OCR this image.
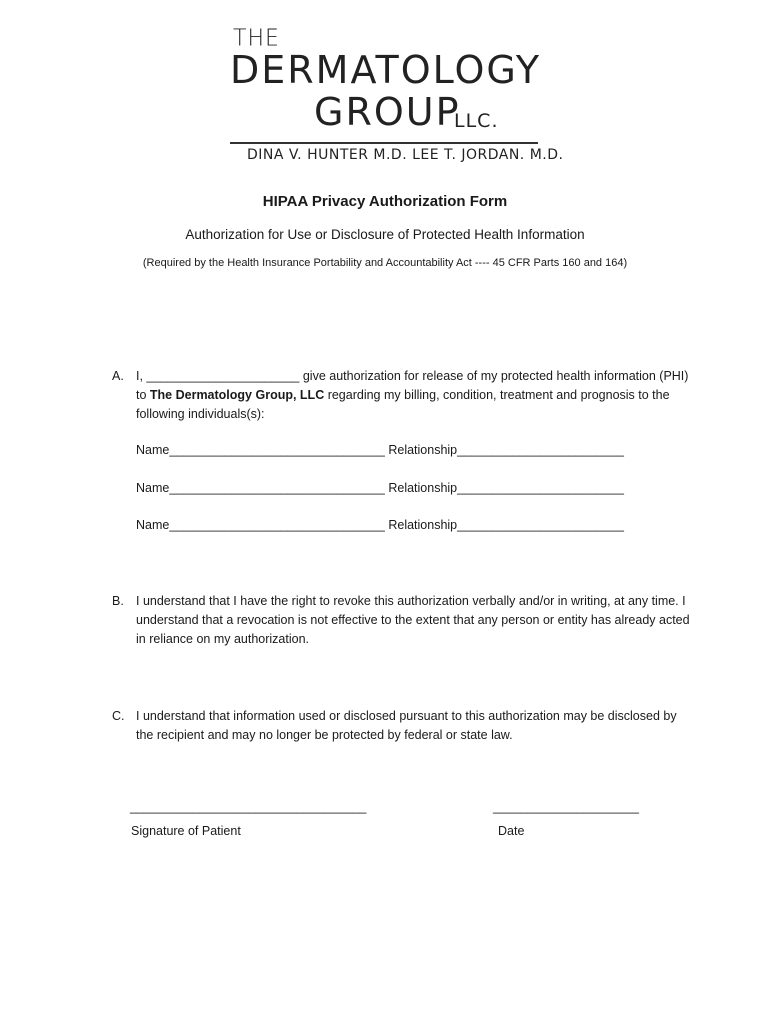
THE
DERMATOLOGY
GROUP
LLC.
DINA V. HUNTER M.D. LEE T. JORDAN. M.D.
HIPAA Privacy Authorization Form
Authorization for Use or Disclosure of Protected Health Information
(Required by the Health Insurance Portability and Accountability Act ---- 45 CFR Parts 160 and 164)
A. I, ______________________ give authorization for release of my protected health information (PHI) to The Dermatology Group, LLC regarding my billing, condition, treatment and prognosis to the following individuals(s):
Name_______________________________ Relationship________________________
Name_______________________________ Relationship________________________
Name_______________________________ Relationship________________________
B. I understand that I have the right to revoke this authorization verbally and/or in writing, at any time. I understand that a revocation is not effective to the extent that any person or entity has already acted in reliance on my authorization.
C. I understand that information used or disclosed pursuant to this authorization may be disclosed by the recipient and may no longer be protected by federal or state law.
__________________________________	_____________________
Signature of Patient	Date
